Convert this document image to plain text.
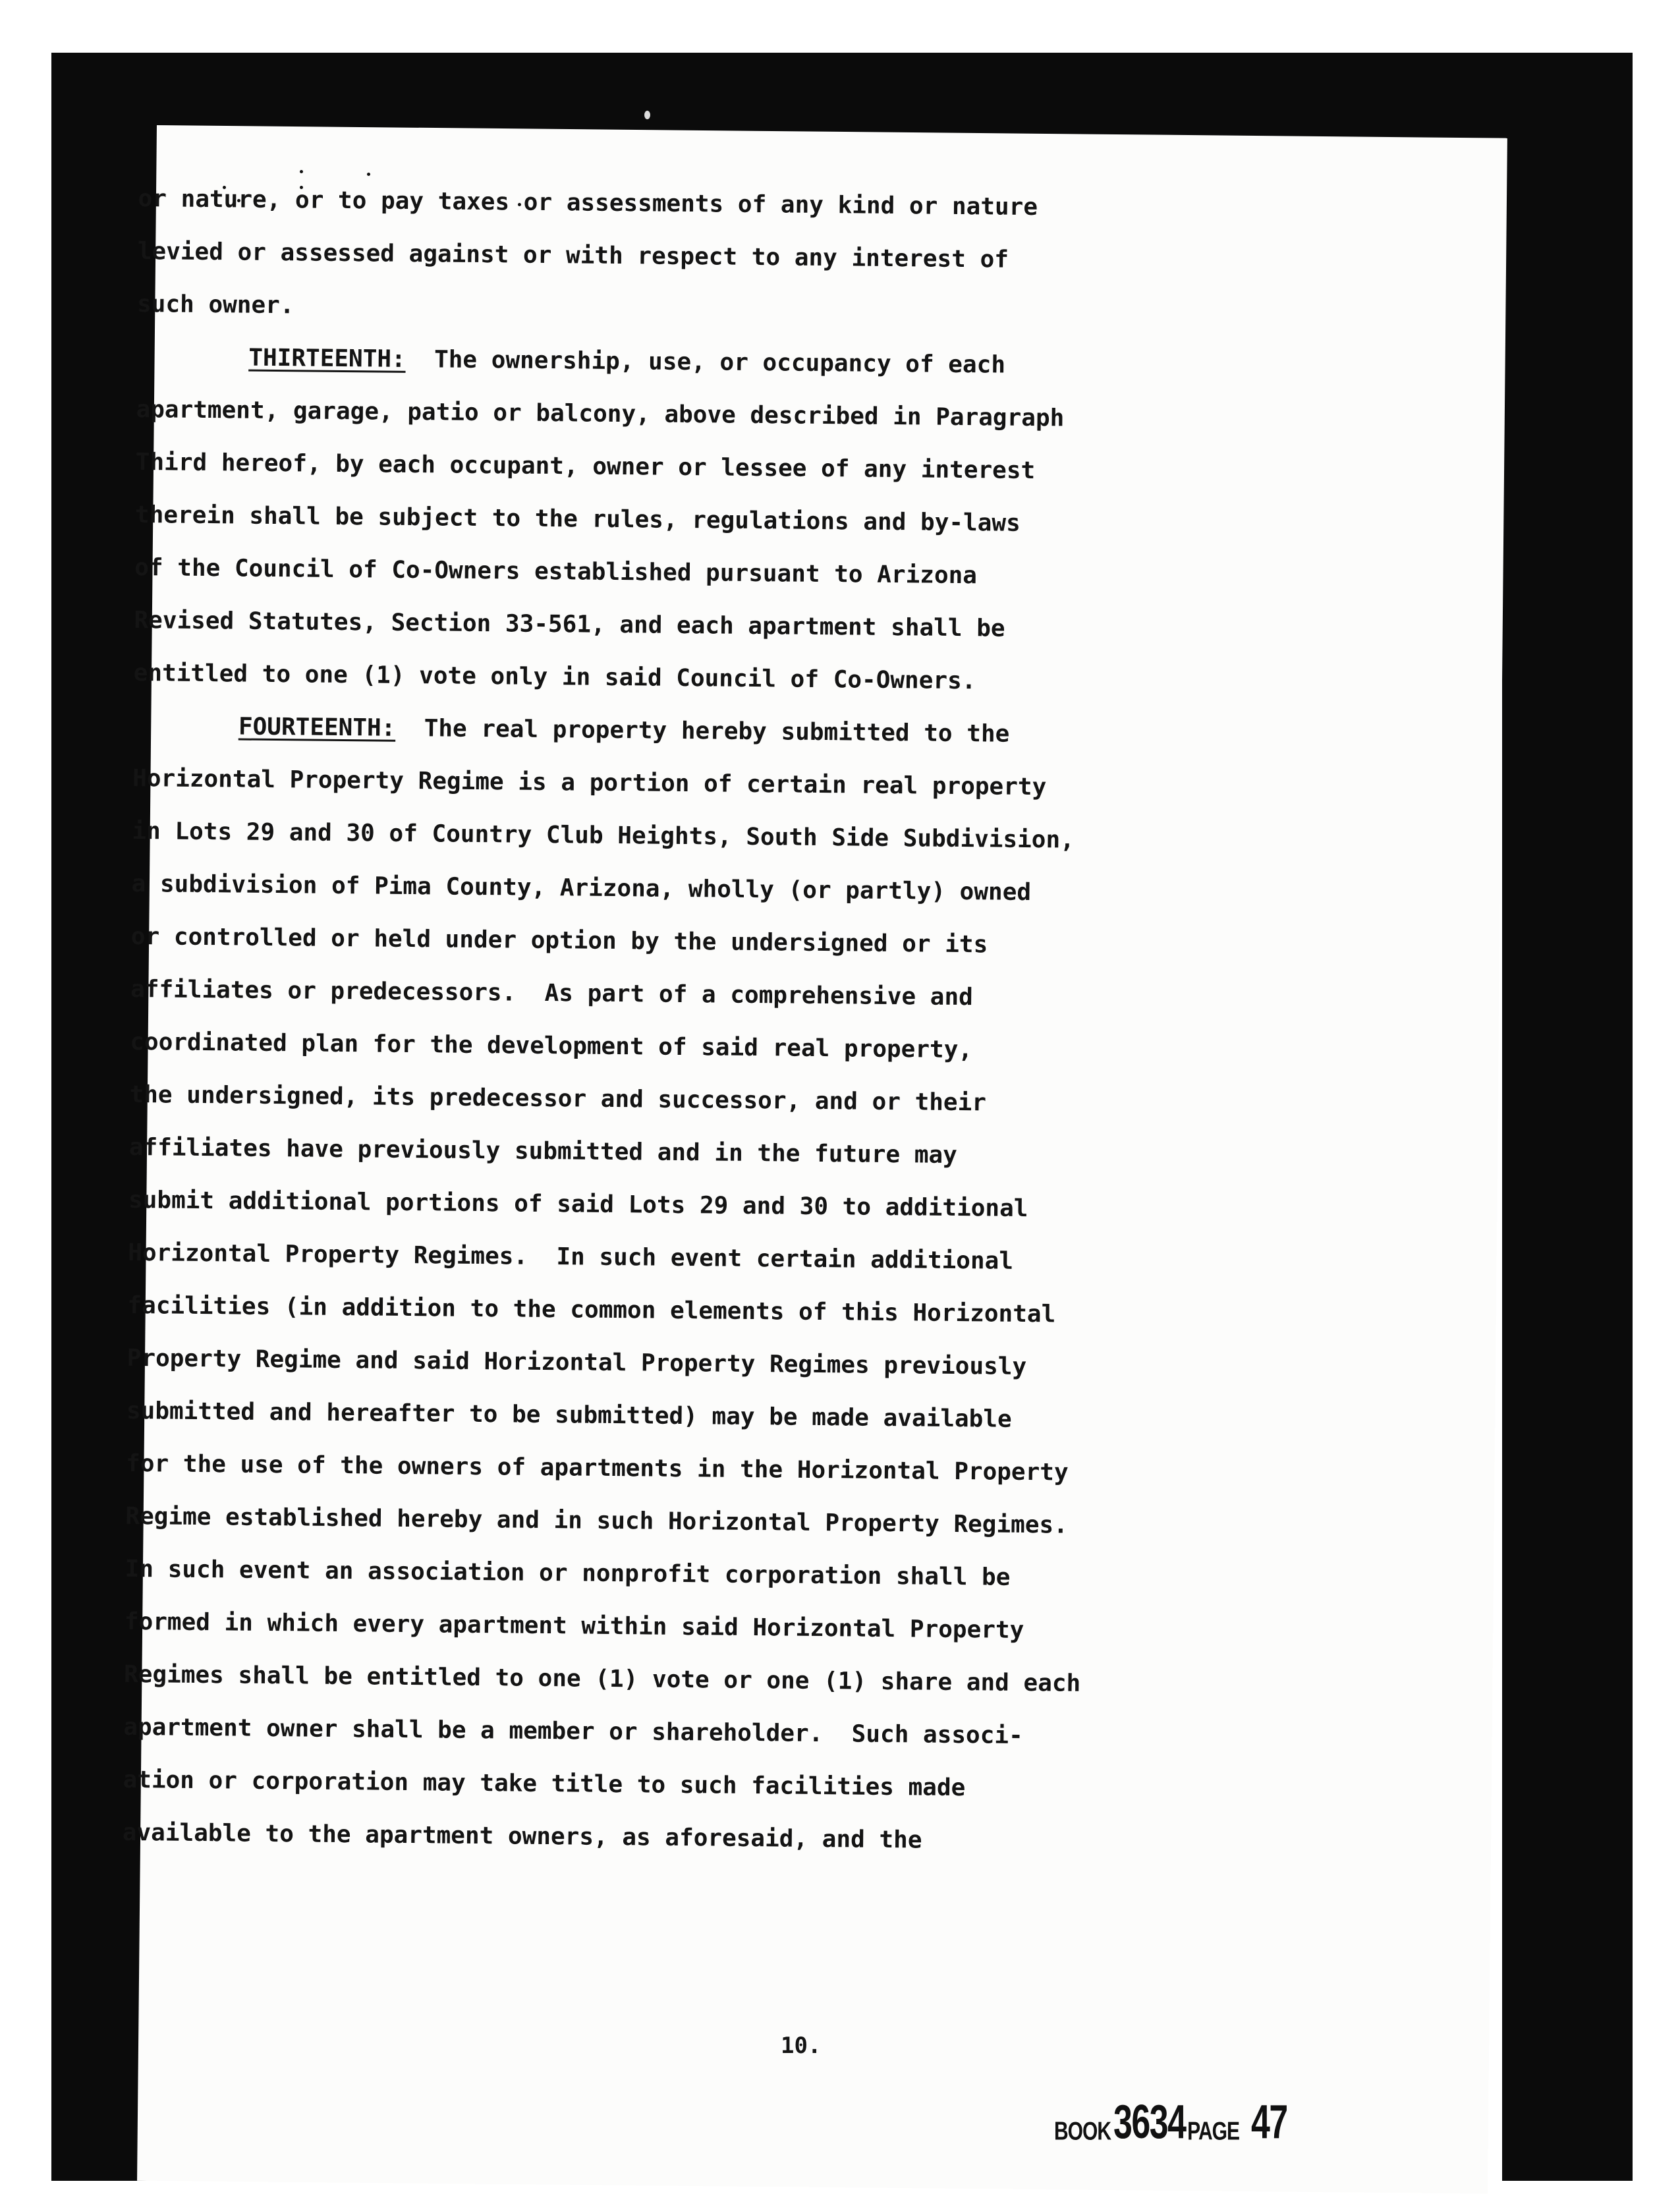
or nature, or to pay taxes or assessments of any kind or nature
levied or assessed against or with respect to any interest of
such owner.
THIRTEENTH:  The ownership, use, or occupancy of each
apartment, garage, patio or balcony, above described in Paragraph
Third hereof, by each occupant, owner or lessee of any interest
therein shall be subject to the rules, regulations and by-laws
of the Council of Co-Owners established pursuant to Arizona
Revised Statutes, Section 33-561, and each apartment shall be
entitled to one (1) vote only in said Council of Co-Owners.
FOURTEENTH:  The real property hereby submitted to the
Horizontal Property Regime is a portion of certain real property
in Lots 29 and 30 of Country Club Heights, South Side Subdivision,
a subdivision of Pima County, Arizona, wholly (or partly) owned
or controlled or held under option by the undersigned or its
affiliates or predecessors.  As part of a comprehensive and
coordinated plan for the development of said real property,
the undersigned, its predecessor and successor, and or their
affiliates have previously submitted and in the future may
submit additional portions of said Lots 29 and 30 to additional
Horizontal Property Regimes.  In such event certain additional
facilities (in addition to the common elements of this Horizontal
Property Regime and said Horizontal Property Regimes previously
submitted and hereafter to be submitted) may be made available
for the use of the owners of apartments in the Horizontal Property
Regime established hereby and in such Horizontal Property Regimes.
In such event an association or nonprofit corporation shall be
formed in which every apartment within said Horizontal Property
Regimes shall be entitled to one (1) vote or one (1) share and each
apartment owner shall be a member or shareholder.  Such associ-
ation or corporation may take title to such facilities made
available to the apartment owners, as aforesaid, and the
10.
BOOK3634PAGE 47
